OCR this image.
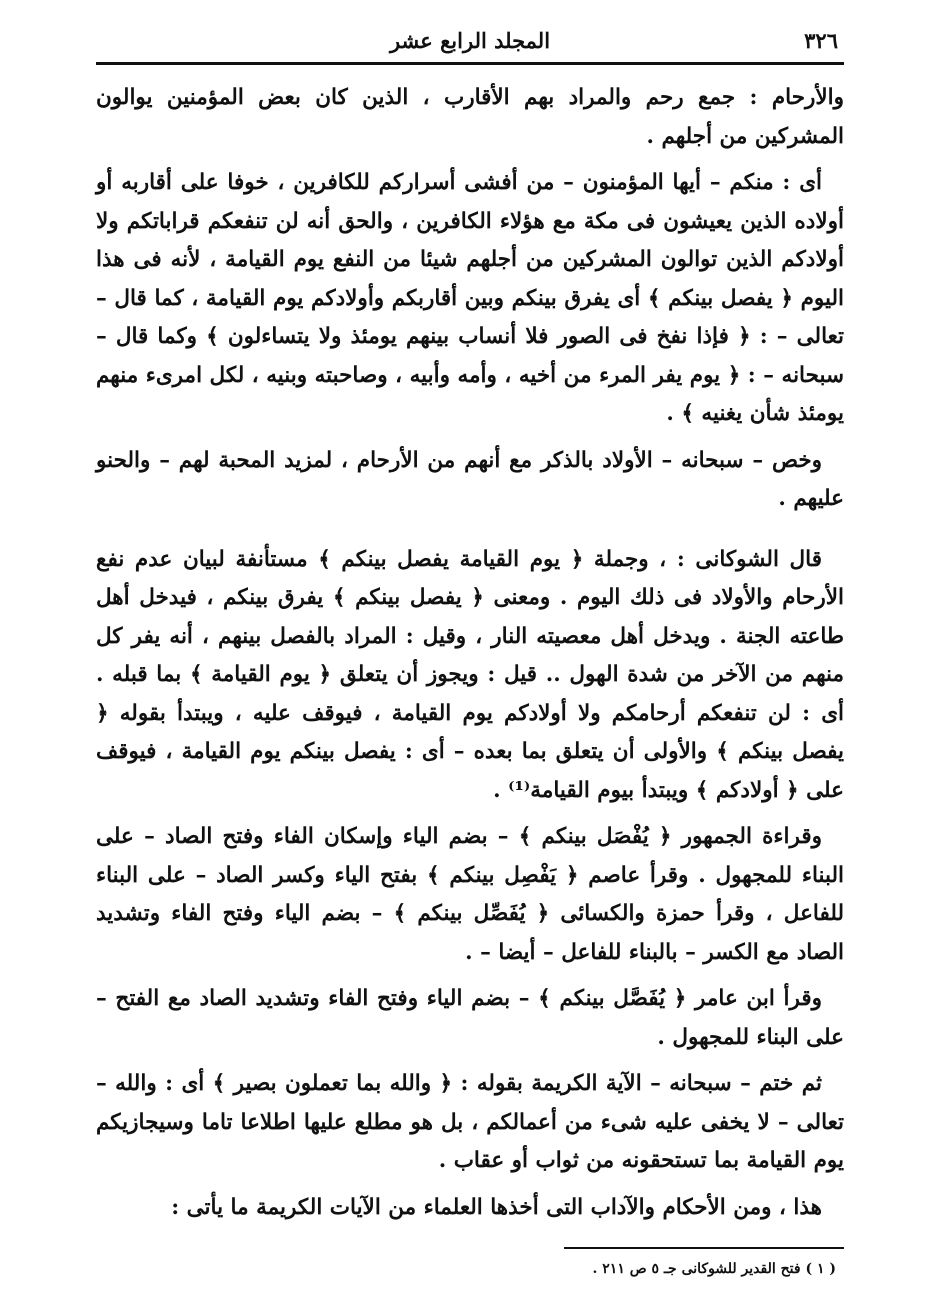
٣٢٦
المجلد الرابع عشر

والأرحام : جمع رحم والمراد بهم الأقارب ، الذين كان بعض المؤمنين يوالون المشركين من أجلهم .

أى : منكم – أيها المؤمنون – من أفشى أسراركم للكافرين ، خوفا على أقاربه أو أولاده الذين يعيشون فى مكة مع هؤلاء الكافرين ، والحق أنه لن تنفعكم قراباتكم ولا أولادكم الذين توالون المشركين من أجلهم شيئا من النفع يوم القيامة ، لأنه فى هذا اليوم ﴿ يفصل بينكم ﴾ أى يفرق بينكم وبين أقاربكم وأولادكم يوم القيامة ، كما قال – تعالى – : ﴿ فإذا نفخ فى الصور فلا أنساب بينهم يومئذ ولا يتساءلون ﴾ وكما قال – سبحانه – : ﴿ يوم يفر المرء من أخيه ، وأمه وأبيه ، وصاحبته وبنيه ، لكل امرىء منهم يومئذ شأن يغنيه ﴾ .

وخص – سبحانه – الأولاد بالذكر مع أنهم من الأرحام ، لمزيد المحبة لهم – والحنو عليهم .

قال الشوكانى : ، وجملة ﴿ يوم القيامة يفصل بينكم ﴾ مستأنفة لبيان عدم نفع الأرحام والأولاد فى ذلك اليوم . ومعنى ﴿ يفصل بينكم ﴾ يفرق بينكم ، فيدخل أهل طاعته الجنة . ويدخل أهل معصيته النار ، وقيل : المراد بالفصل بينهم ، أنه يفر كل منهم من الآخر من شدة الهول .. قيل : ويجوز أن يتعلق ﴿ يوم القيامة ﴾ بما قبله . أى : لن تنفعكم أرحامكم ولا أولادكم يوم القيامة ، فيوقف عليه ، ويبتدأ بقوله ﴿ يفصل بينكم ﴾ والأولى أن يتعلق بما بعده – أى : يفصل بينكم يوم القيامة ، فيوقف على ﴿ أولادكم ﴾ ويبتدأ بيوم القيامة⁽¹⁾ .

وقراءة الجمهور ﴿ يُفْصَل بينكم ﴾ – بضم الياء وإسكان الفاء وفتح الصاد – على البناء للمجهول . وقرأ عاصم ﴿ يَفْصِل بينكم ﴾ بفتح الياء وكسر الصاد – على البناء للفاعل ، وقرأ حمزة والكسائى ﴿ يُفَصِّل بينكم ﴾ – بضم الياء وفتح الفاء وتشديد الصاد مع الكسر – بالبناء للفاعل – أيضا – .

وقرأ ابن عامر ﴿ يُفَصَّل بينكم ﴾ – بضم الياء وفتح الفاء وتشديد الصاد مع الفتح – على البناء للمجهول .

ثم ختم – سبحانه – الآية الكريمة بقوله : ﴿ والله بما تعملون بصير ﴾ أى : والله – تعالى – لا يخفى عليه شىء من أعمالكم ، بل هو مطلع عليها اطلاعا تاما وسيجازيكم يوم القيامة بما تستحقونه من ثواب أو عقاب .

هذا ، ومن الأحكام والآداب التى أخذها العلماء من الآيات الكريمة ما يأتى :

( ١ ) فتح القدير للشوكانى جـ ٥ ص ٢١١ .
